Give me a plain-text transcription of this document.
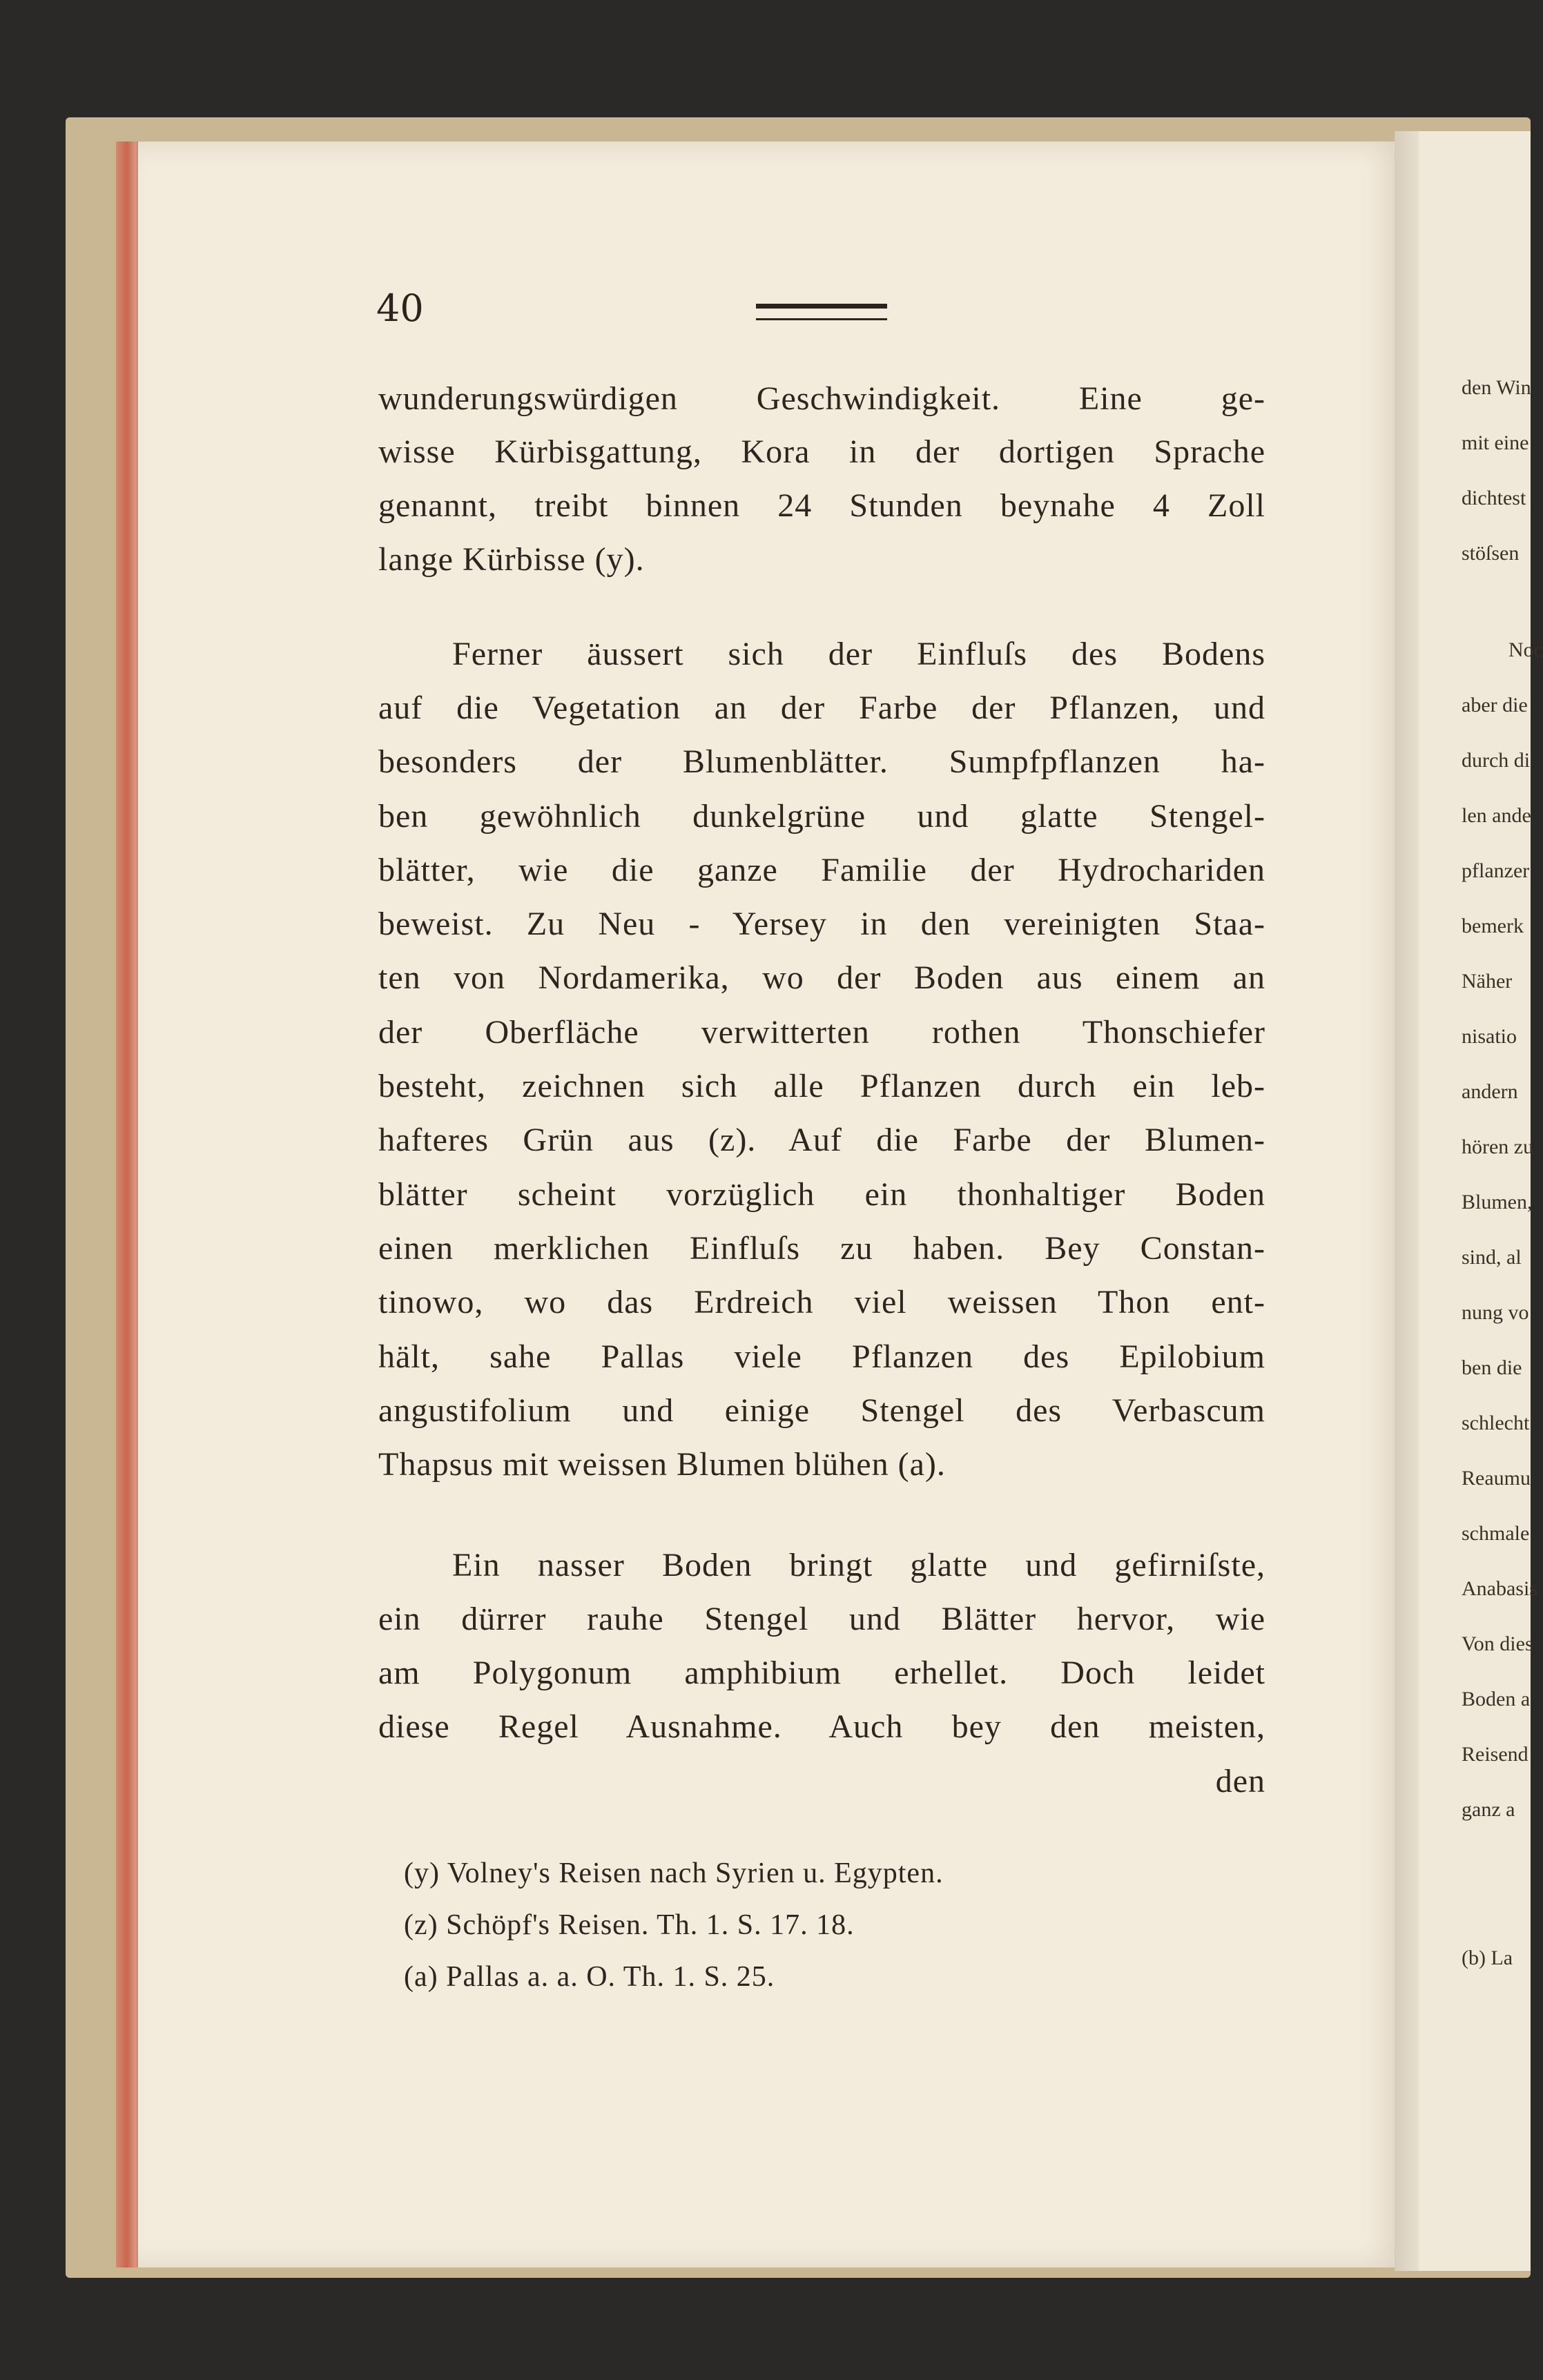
den Win
mit eine
dichtest
stöſsen
Noc
aber die
durch di
len ande
pflanzer
bemerk
Näher
nisatio
andern
hören zu
Blumen,
sind, al
nung vo
ben die
schlecht
Reaumu
schmale
Anabasis
Von dies
Boden a
Reisend
ganz a
(b) La
40
wunderungswürdigen Geschwindigkeit. Eine ge-
wisse Kürbisgattung, Kora in der dortigen Sprache
genannt, treibt binnen 24 Stunden beynahe 4 Zoll
lange Kürbisse (y).
Ferner äussert sich der Einfluſs des Bodens
auf die Vegetation an der Farbe der Pflanzen, und
besonders der Blumenblätter. Sumpfpflanzen ha-
ben gewöhnlich dunkelgrüne und glatte Stengel-
blätter, wie die ganze Familie der Hydrochariden
beweist. Zu Neu - Yersey in den vereinigten Staa-
ten von Nordamerika, wo der Boden aus einem an
der Oberfläche verwitterten rothen Thonschiefer
besteht, zeichnen sich alle Pflanzen durch ein leb-
hafteres Grün aus (z). Auf die Farbe der Blumen-
blätter scheint vorzüglich ein thonhaltiger Boden
einen merklichen Einfluſs zu haben. Bey Constan-
tinowo, wo das Erdreich viel weissen Thon ent-
hält, sahe Pallas viele Pflanzen des Epilobium
angustifolium und einige Stengel des Verbascum
Thapsus mit weissen Blumen blühen (a).
Ein nasser Boden bringt glatte und gefirniſste,
ein dürrer rauhe Stengel und Blätter hervor, wie
am Polygonum amphibium erhellet. Doch leidet
diese Regel Ausnahme. Auch bey den meisten,
den
(y) Volney's Reisen nach Syrien u. Egypten.
(z) Schöpf's Reisen. Th. 1. S. 17. 18.
(a) Pallas a. a. O. Th. 1. S. 25.
